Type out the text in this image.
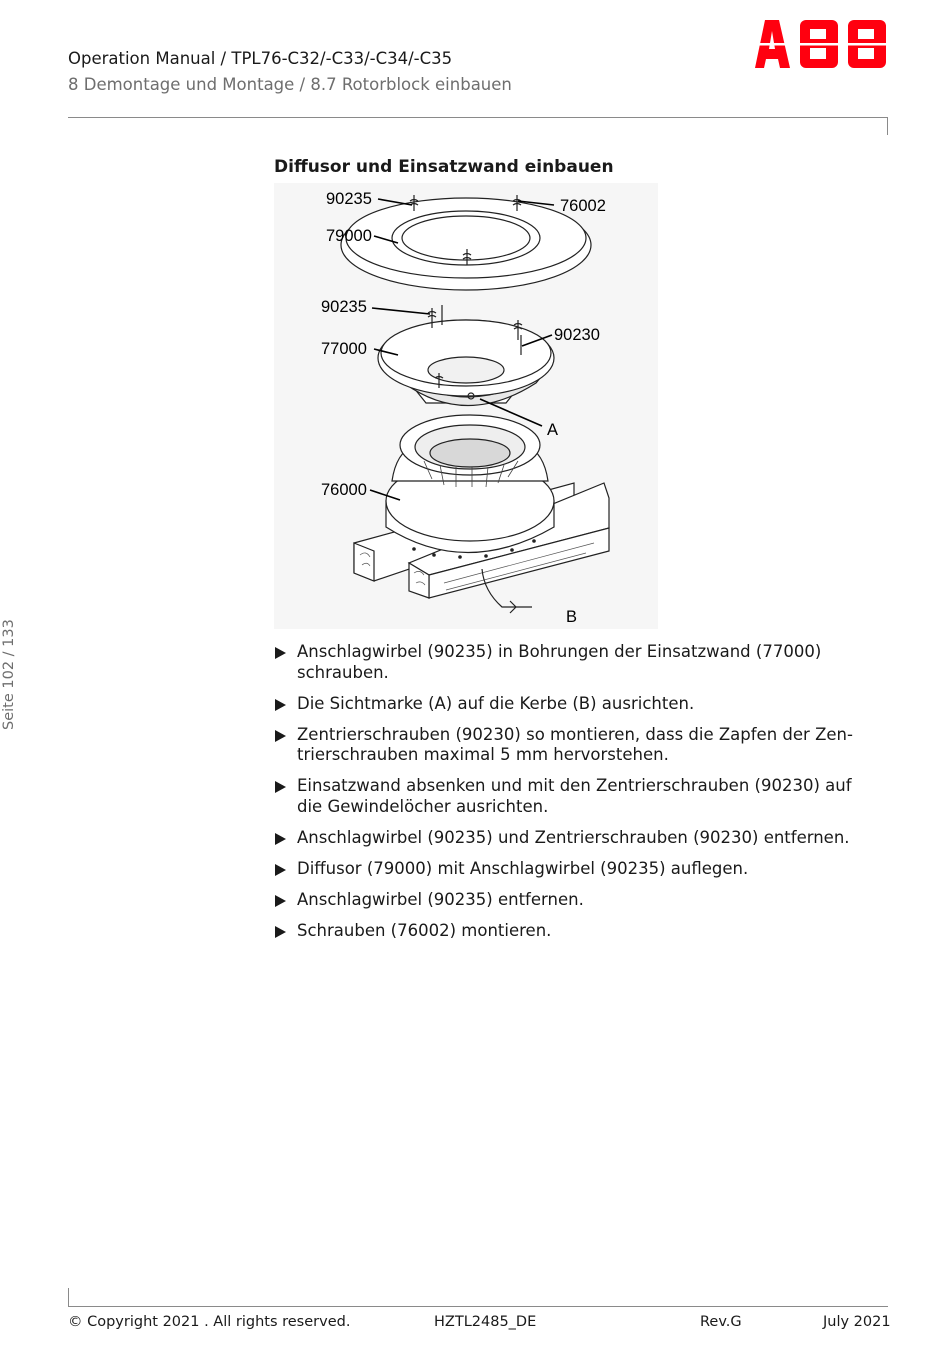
Operation Manual / TPL76-C32/-C33/-C34/-C35
8 Demontage und Montage / 8.7 Rotorblock einbauen
Seite 102 / 133
Diffusor und Einsatzwand einbauen
90235	76002
79000
90235
90230
77000
A
76000
B
Anschlagwirbel (90235) in Bohrungen der Einsatzwand (77000) schrauben.
Die Sichtmarke (A) auf die Kerbe (B) ausrichten.
Zentrierschrauben (90230) so montieren, dass die Zapfen der Zen-trierschrauben maximal 5 mm hervorstehen.
Einsatzwand absenken und mit den Zentrierschrauben (90230) auf die Gewindelöcher ausrichten.
Anschlagwirbel (90235) und Zentrierschrauben (90230) entfernen.
Diffusor (79000) mit Anschlagwirbel (90235) auflegen.
Anschlagwirbel (90235) entfernen.
Schrauben (76002) montieren.
© Copyright 2021 . All rights reserved.	HZTL2485_DE	Rev.G	July 2021
